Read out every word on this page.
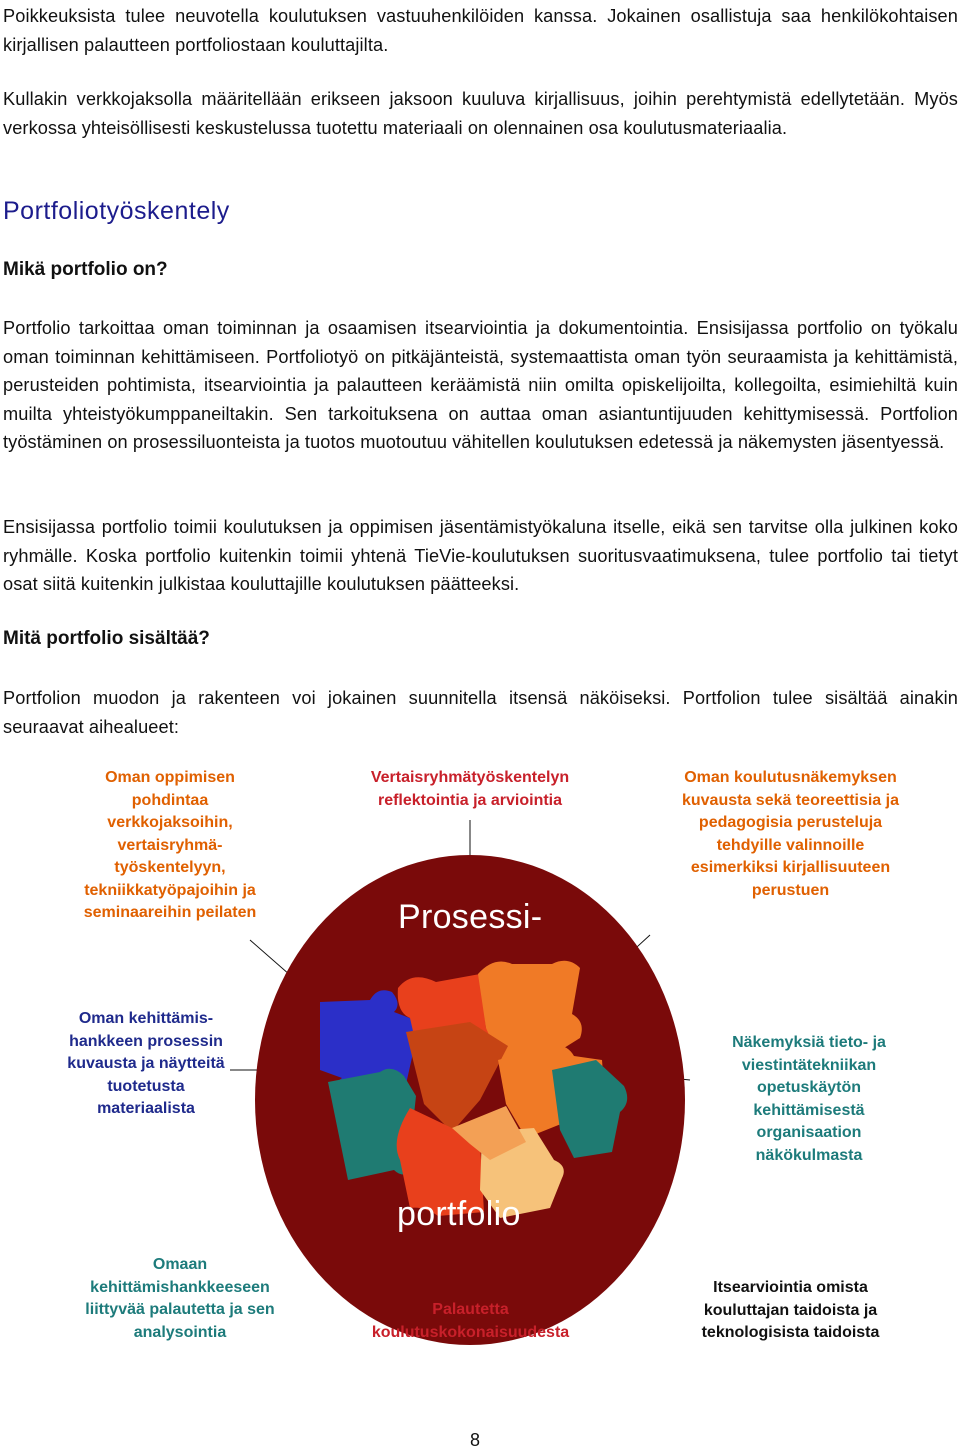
Poikkeuksista tulee neuvotella koulutuksen vastuuhenkilöiden kanssa. Jokainen osallistuja saa henkilökohtaisen kirjallisen palautteen portfoliostaan kouluttajilta.

Kullakin verkkojaksolla määritellään erikseen jaksoon kuuluva kirjallisuus, joihin perehtymistä edellytetään. Myös verkossa yhteisöllisesti keskustelussa tuotettu materiaali on olennainen osa koulutusmateriaalia.

Portfoliotyöskentely
Mikä portfolio on?

Portfolio tarkoittaa oman toiminnan ja osaamisen itsearviointia ja dokumentointia. Ensisijassa portfolio on työkalu oman toiminnan kehittämiseen. Portfoliotyö on pitkäjänteistä, systemaattista oman työn seuraamista ja kehittämistä, perusteiden pohtimista, itsearviointia ja palautteen keräämistä niin omilta opiskelijoilta, kollegoilta, esimiehiltä kuin muilta yhteistyökumppaneiltakin. Sen tarkoituksena on auttaa oman asiantuntijuuden kehittymisessä. Portfolion työstäminen on prosessiluonteista ja tuotos muotoutuu vähitellen koulutuksen edetessä ja näkemysten jäsentyessä.

Ensisijassa portfolio toimii koulutuksen ja oppimisen jäsentämistyökaluna itselle, eikä sen tarvitse olla julkinen koko ryhmälle. Koska portfolio kuitenkin toimii yhtenä TieVie-koulutuksen suoritusvaatimuksena, tulee portfolio tai tietyt osat siitä kuitenkin julkistaa kouluttajille koulutuksen päätteeksi.

Mitä portfolio sisältää?

Portfolion muodon ja rakenteen voi jokainen suunnitella itsensä näköiseksi. Portfolion tulee sisältää ainakin seuraavat aihealueet:

Prosessi-

portfolio

Oman oppimisen pohdintaa verkkojaksoihin, vertaisryhmä-työskentelyyn, tekniikkatyöpajoihin ja seminaareihin peilaten

Vertaisryhmätyöskentelyn reflektointia ja arviointia

Oman koulutusnäkemyksen kuvausta sekä teoreettisia ja pedagogisia perusteluja tehdyille valinnoille esimerkiksi kirjallisuuteen perustuen

Oman kehittämis-hankkeen prosessin kuvausta ja näytteitä tuotetusta materiaalista

Näkemyksiä tieto- ja viestintätekniikan opetuskäytön kehittämisestä organisaation näkökulmasta

Omaan kehittämishankkeeseen liittyvää palautetta ja sen analysointia

Palautetta koulutuskokonaisuudesta

Itsearviointia omista kouluttajan taidoista ja teknologisista taidoista

8
